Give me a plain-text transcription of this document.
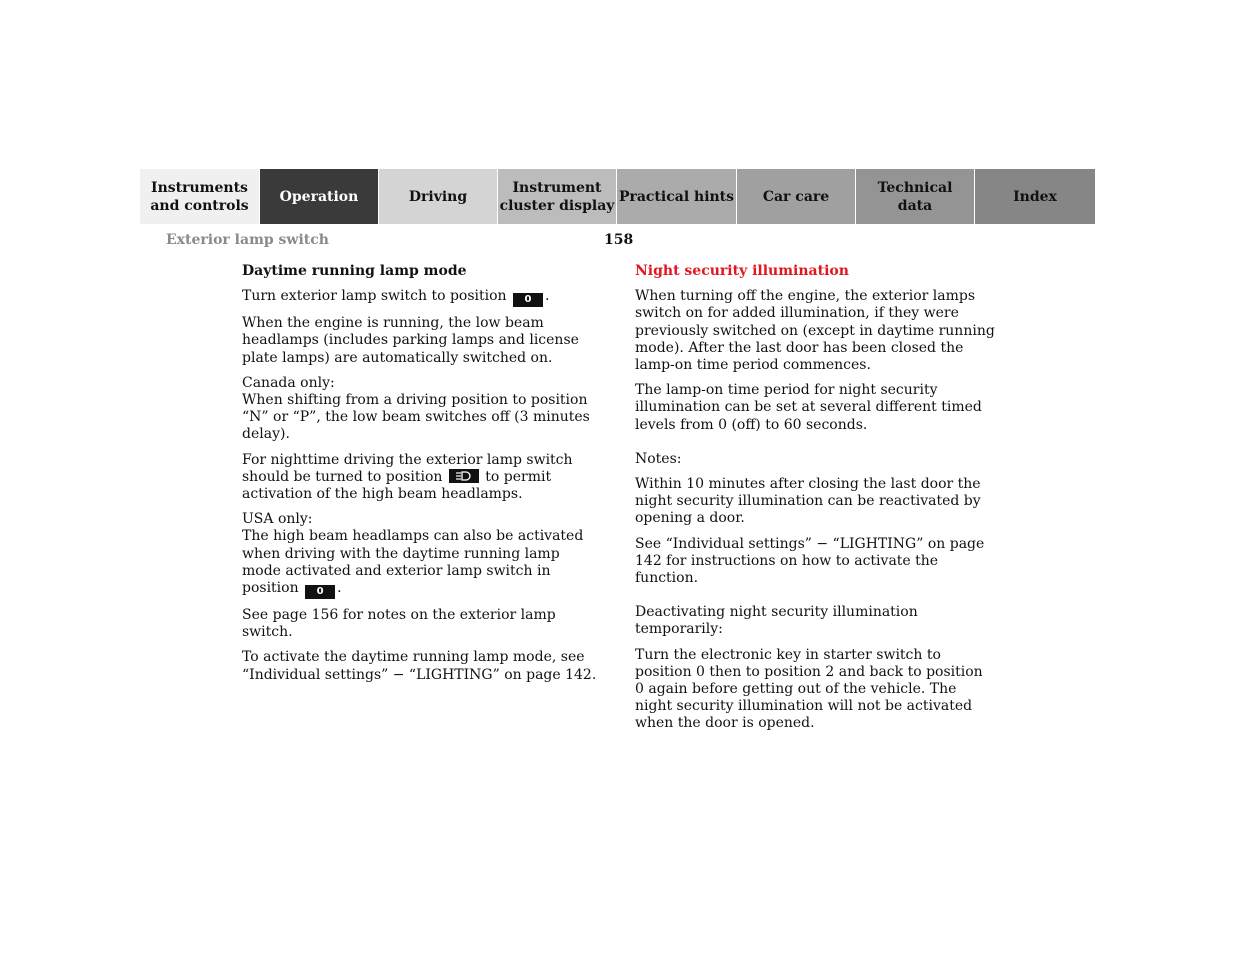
Instruments
and controls
Operation	Driving
Instrument
cluster display
Practical hints Car care
Technical
data
Index
Exterior lamp switch	158
Daytime running lamp mode

Turn exterior lamp switch to position 0 .

When the engine is running, the low beam headlamps (includes parking lamps and license plate lamps) are automatically switched on.

Canada only:
When shifting from a driving position to position “N” or “P”, the low beam switches off (3 minutes delay).

For nighttime driving the exterior lamp switch should be turned to position	to permit activation of the high beam headlamps.

USA only:
The high beam headlamps can also be activated when driving with the daytime running lamp mode activated and exterior lamp switch in position 0 .

See page 156 for notes on the exterior lamp switch.

To activate the daytime running lamp mode, see “Individual settings” − “LIGHTING” on page 142.

Night security illumination

When turning off the engine, the exterior lamps switch on for added illumination, if they were previously switched on (except in daytime running mode). After the last door has been closed the lamp-on time period commences.

The lamp-on time period for night security illumination can be set at several different timed levels from 0 (off) to 60 seconds.

Notes:

Within 10 minutes after closing the last door the night security illumination can be reactivated by opening a door.

See “Individual settings” − “LIGHTING” on page 142 for instructions on how to activate the function.

Deactivating night security illumination temporarily:

Turn the electronic key in starter switch to position 0 then to position 2 and back to position 0 again before getting out of the vehicle. The night security illumination will not be activated when the door is opened.
